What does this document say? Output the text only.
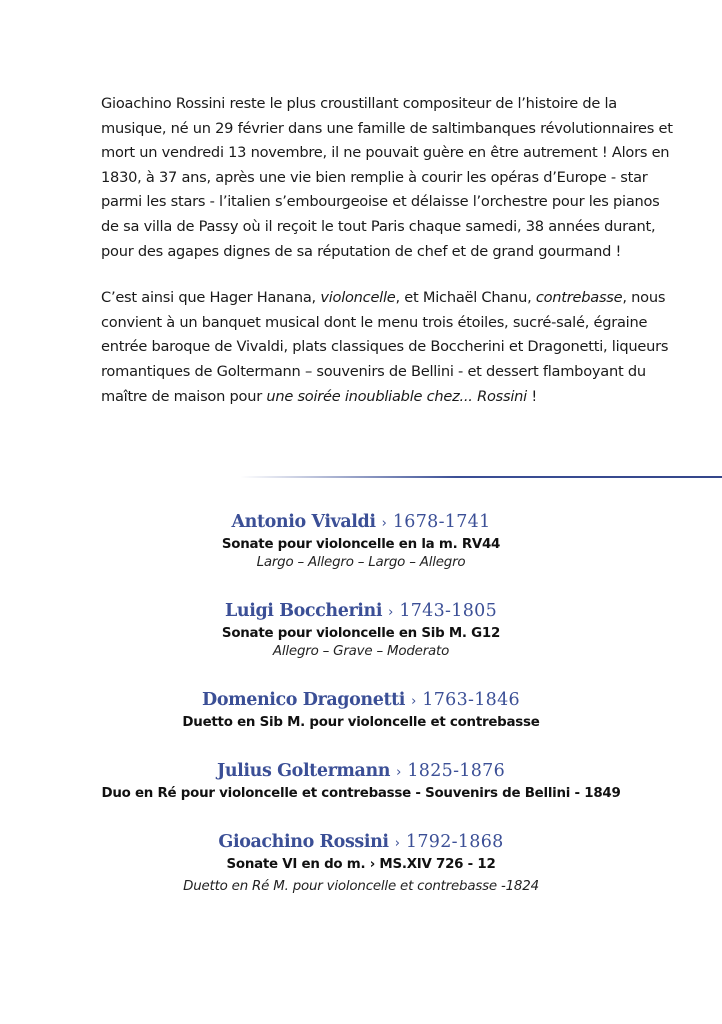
Gioachino Rossini reste le plus croustillant compositeur de l’histoire de la musique, né un 29 février dans une famille de saltimbanques révolutionnaires et mort un vendredi 13 novembre, il ne pouvait guère en être autrement ! Alors en 1830, à 37 ans, après une vie bien remplie à courir les opéras d’Europe - star parmi les stars - l’italien s’embourgeoise et délaisse l’orchestre pour les pianos de sa villa de Passy où il reçoit le tout Paris chaque samedi, 38 années durant, pour des agapes dignes de sa réputation de chef et de grand gourmand !

C’est ainsi que Hager Hanana, violoncelle, et Michaël Chanu, contrebasse, nous convient à un banquet musical dont le menu trois étoiles, sucré-salé, égraine entrée baroque de Vivaldi, plats classiques de Boccherini et Dragonetti, liqueurs romantiques de Goltermann – souvenirs de Bellini - et dessert flamboyant du maître de maison pour une soirée inoubliable chez... Rossini !

Antonio Vivaldi › 1678-1741
Sonate pour violoncelle en la m. RV44
Largo – Allegro – Largo – Allegro
Luigi Boccherini › 1743-1805
Sonate pour violoncelle en Sib M. G12
Allegro – Grave – Moderato
Domenico Dragonetti › 1763-1846
Duetto en Sib M. pour violoncelle et contrebasse
Julius Goltermann › 1825-1876
Duo en Ré pour violoncelle et contrebasse - Souvenirs de Bellini - 1849
Gioachino Rossini › 1792-1868
Sonate VI en do m. › MS.XIV 726 - 12
Duetto en Ré M. pour violoncelle et contrebasse -1824
